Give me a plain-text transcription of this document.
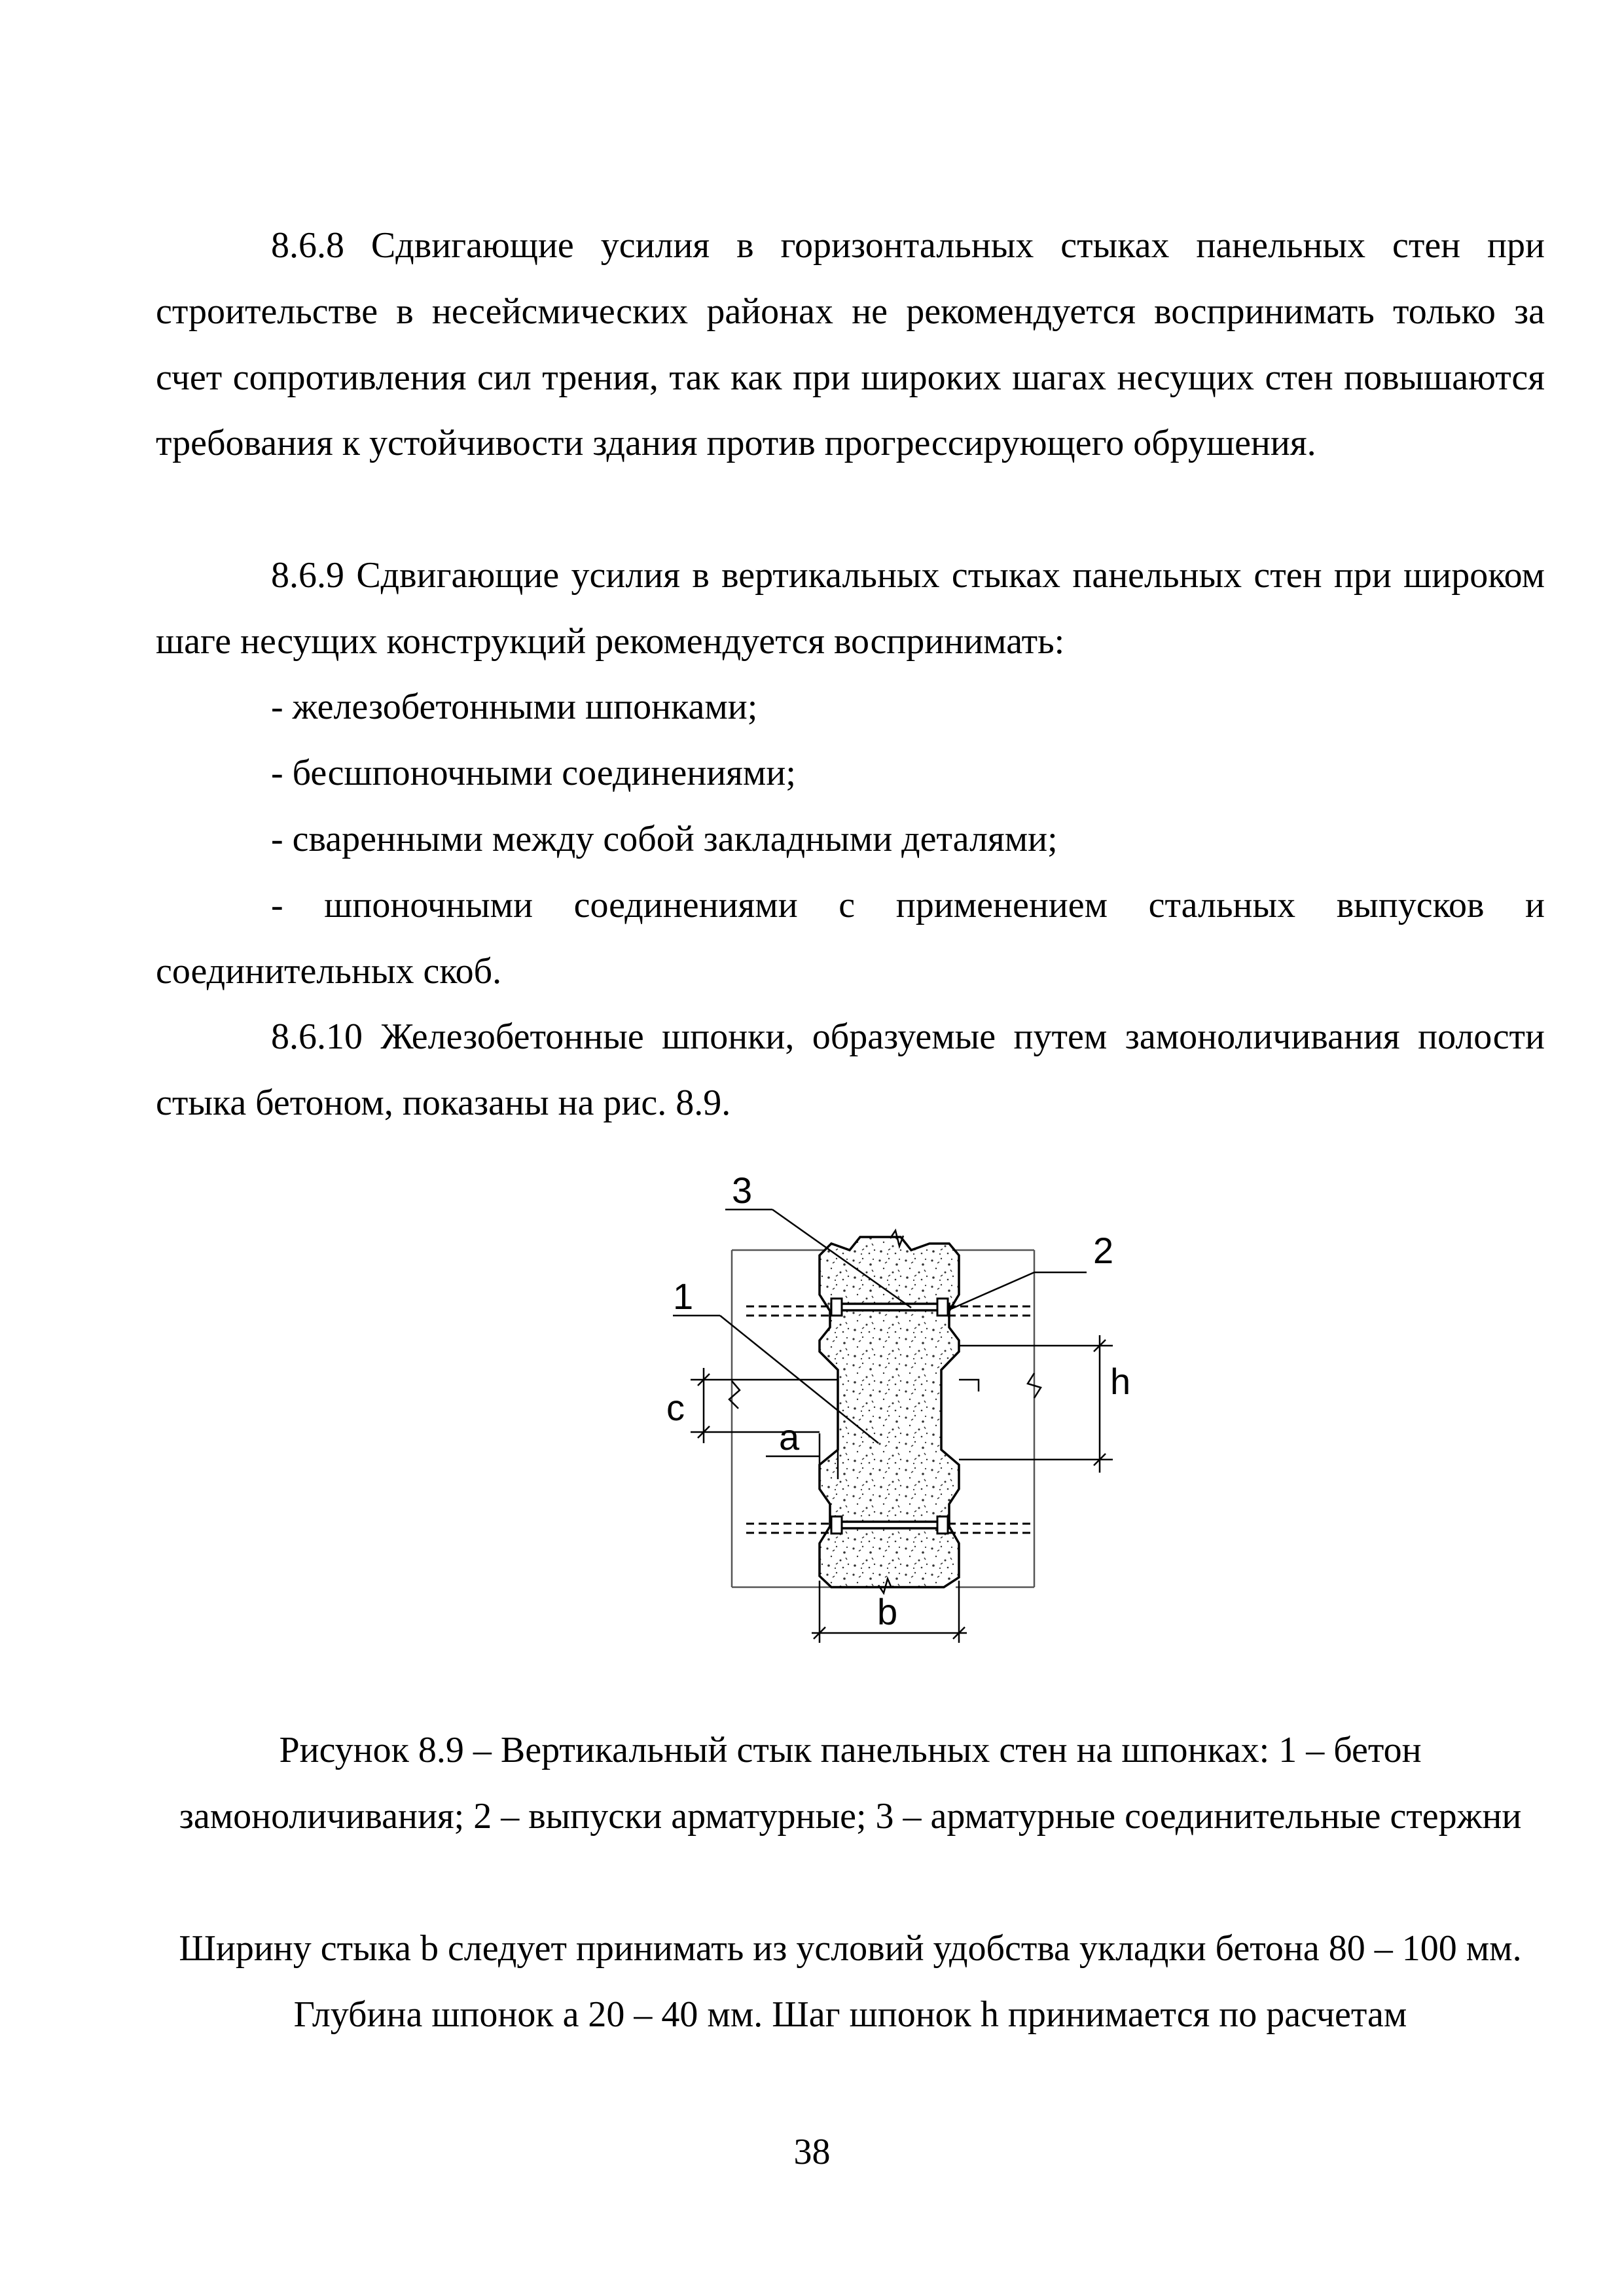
8.6.8 Сдвигающие усилия в горизонтальных стыках панельных стен при строительстве в несейсмических районах не рекомендуется воспринимать только за счет сопротивления сил трения, так как при широких шагах несущих стен повышаются требования к устойчивости здания против прогрессирующего обрушения.

8.6.9 Сдвигающие усилия в вертикальных стыках панельных стен при широком шаге несущих конструкций рекомендуется воспринимать:

- железобетонными шпонками;

- бесшпоночными соединениями;

- сваренными между собой закладными деталями;

- шпоночными соединениями с применением стальных выпусков и соединительных скоб.

8.6.10 Железобетонные шпонки, образуемые путем замоноличивания полости стыка бетоном, показаны на рис. 8.9.

3
2
1
c
a
h
b

Рисунок 8.9 – Вертикальный стык панельных стен на шпонках: 1 – бетон замоноличивания; 2 – выпуски арматурные; 3 – арматурные соединительные стержни

Ширину стыка b следует принимать из условий удобства укладки бетона 80 – 100 мм. Глубина шпонок a 20 – 40 мм. Шаг шпонок h принимается по расчетам

38
